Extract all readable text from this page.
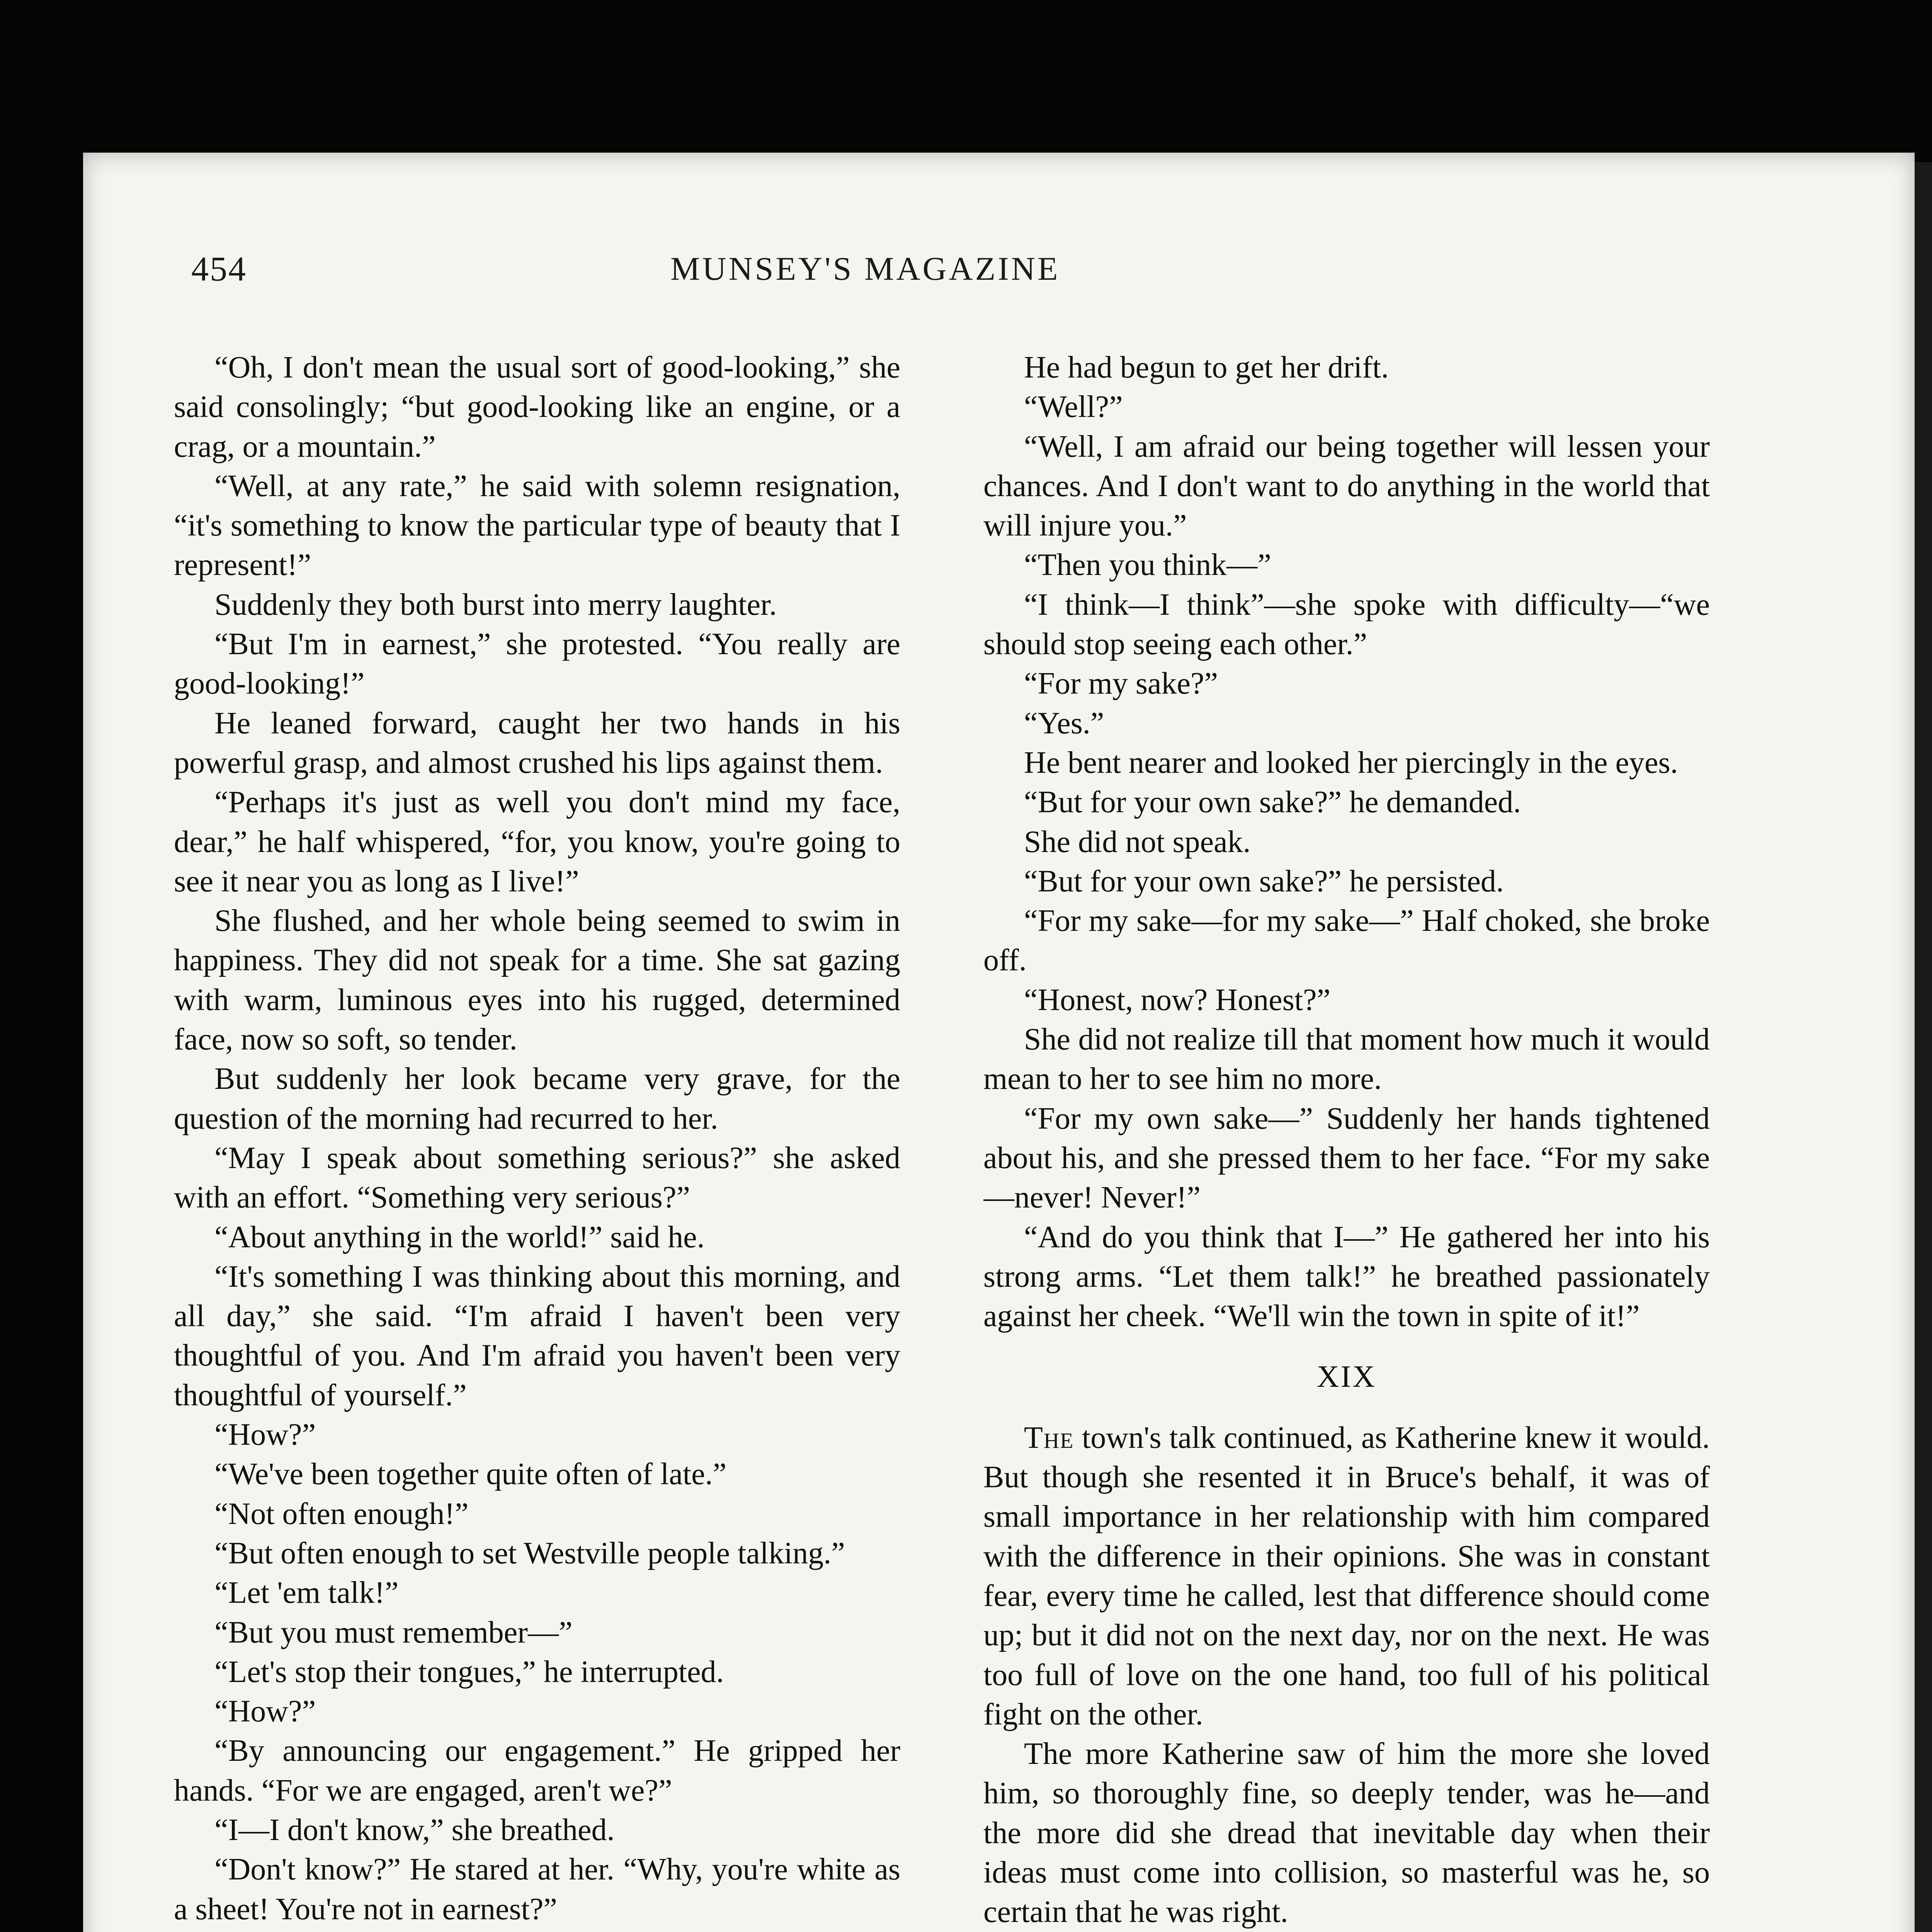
454	MUNSEY'S MAGAZINE

“Oh, I don't mean the usual sort of good-looking,” she said consolingly; “but good-looking like an engine, or a crag, or a mountain.”

“Well, at any rate,” he said with solemn resignation, “it's something to know the particular type of beauty that I represent!”

Suddenly they both burst into merry laughter.

“But I'm in earnest,” she protested. “You really are good-looking!”

He leaned forward, caught her two hands in his powerful grasp, and almost crushed his lips against them.

“Perhaps it's just as well you don't mind my face, dear,” he half whispered, “for, you know, you're going to see it near you as long as I live!”

She flushed, and her whole being seemed to swim in happiness. They did not speak for a time. She sat gazing with warm, luminous eyes into his rugged, determined face, now so soft, so tender.

But suddenly her look became very grave, for the question of the morning had recurred to her.

“May I speak about something serious?” she asked with an effort. “Something very serious?”

“About anything in the world!” said he.

“It's something I was thinking about this morning, and all day,” she said. “I'm afraid I haven't been very thoughtful of you. And I'm afraid you haven't been very thoughtful of yourself.”

“How?”

“We've been together quite often of late.”

“Not often enough!”

“But often enough to set Westville people talking.”

“Let 'em talk!”

“But you must remember—”

“Let's stop their tongues,” he interrupted.

“How?”

“By announcing our engagement.” He gripped her hands. “For we are engaged, aren't we?”

“I—I don't know,” she breathed.

“Don't know?” He stared at her. “Why, you're white as a sheet! You're not in earnest?”

He had begun to get her drift.

“Well?”

“Well, I am afraid our being together will lessen your chances. And I don't want to do anything in the world that will injure you.”

“Then you think—”

“I think—I think”—she spoke with difficulty—“we should stop seeing each other.”

“For my sake?”

“Yes.”

He bent nearer and looked her piercingly in the eyes.

“But for your own sake?” he demanded.

She did not speak.

“But for your own sake?” he persisted.

“For my sake—for my sake—” Half choked, she broke off.

“Honest, now? Honest?”

She did not realize till that moment how much it would mean to her to see him no more.

“For my own sake—” Suddenly her hands tightened about his, and she pressed them to her face. “For my sake—never! Never!”

“And do you think that I—” He gathered her into his strong arms. “Let them talk!” he breathed passionately against her cheek. “We'll win the town in spite of it!”

XIX

The town's talk continued, as Katherine knew it would. But though she resented it in Bruce's behalf, it was of small importance in her relationship with him compared with the difference in their opinions. She was in constant fear, every time he called, lest that difference should come up; but it did not on the next day, nor on the next. He was too full of love on the one hand, too full of his political fight on the other.

The more Katherine saw of him the more she loved him, so thoroughly fine, so deeply tender, was he—and the more did she dread that inevitable day when their ideas must come into collision, so masterful was he, so certain that he was right.
